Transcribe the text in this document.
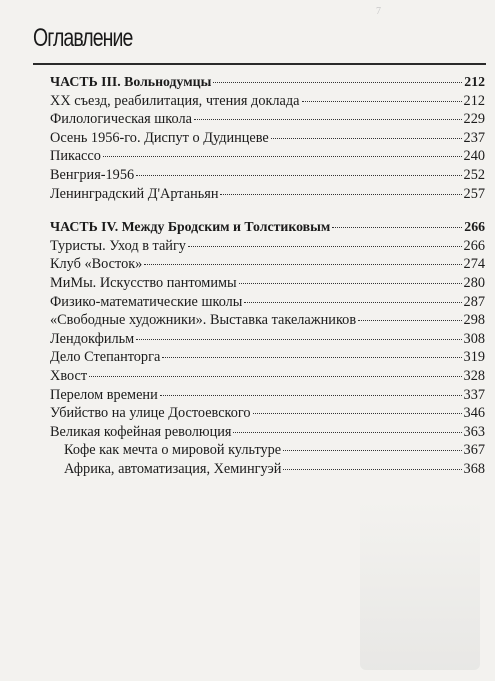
7
Оглавление
ЧАСТЬ III. Вольнодумцы	212
XX съезд, реабилитация, чтения доклада	212
Филологическая школа	229
Осень 1956-го. Диспут о Дудинцеве	237
Пикассо	240
Венгрия-1956	252
Ленинградский Д'Артаньян	257
ЧАСТЬ IV. Между Бродским и Толстиковым	266
Туристы. Уход в тайгу	266
Клуб «Восток»	274
МиМы. Искусство пантомимы	280
Физико-математические школы	287
«Свободные художники». Выставка такелажников	298
Лендокфильм	308
Дело Степанторга	319
Хвост	328
Перелом времени	337
Убийство на улице Достоевского	346
Великая кофейная революция	363
Кофе как мечта о мировой культуре	367
Африка, автоматизация, Хемингуэй	368
